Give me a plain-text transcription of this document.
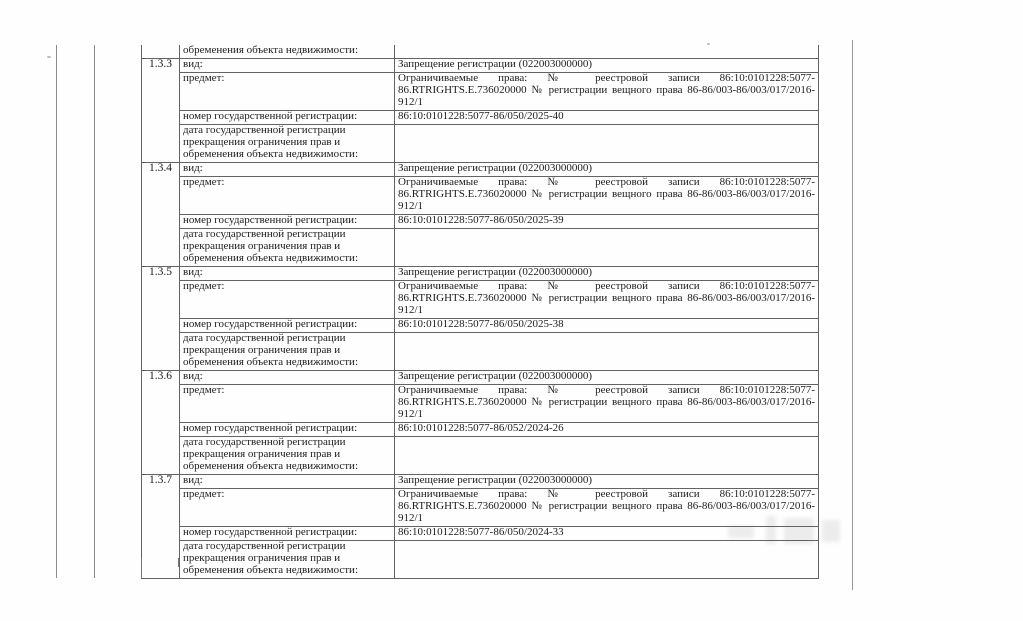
	обременения объекта недвижимости:	
1.3.3	вид:	Запрещение регистрации (022003000000)
	предмет:	Ограничиваемые права: № реестровой записи 86:10:0101228:5077-86.RTRIGHTS.E.736020000 № регистрации вещного права 86-86/003-86/003/017/2016-912/1
	номер государственной регистрации:	86:10:0101228:5077-86/050/2025-40
	дата государственной регистрации прекращения ограничения прав и обременения объекта недвижимости:	
1.3.4	вид:	Запрещение регистрации (022003000000)
	предмет:	Ограничиваемые права: № реестровой записи 86:10:0101228:5077-86.RTRIGHTS.E.736020000 № регистрации вещного права 86-86/003-86/003/017/2016-912/1
	номер государственной регистрации:	86:10:0101228:5077-86/050/2025-39
	дата государственной регистрации прекращения ограничения прав и обременения объекта недвижимости:	
1.3.5	вид:	Запрещение регистрации (022003000000)
	предмет:	Ограничиваемые права: № реестровой записи 86:10:0101228:5077-86.RTRIGHTS.E.736020000 № регистрации вещного права 86-86/003-86/003/017/2016-912/1
	номер государственной регистрации:	86:10:0101228:5077-86/050/2025-38
	дата государственной регистрации прекращения ограничения прав и обременения объекта недвижимости:	
1.3.6	вид:	Запрещение регистрации (022003000000)
	предмет:	Ограничиваемые права: № реестровой записи 86:10:0101228:5077-86.RTRIGHTS.E.736020000 № регистрации вещного права 86-86/003-86/003/017/2016-912/1
	номер государственной регистрации:	86:10:0101228:5077-86/052/2024-26
	дата государственной регистрации прекращения ограничения прав и обременения объекта недвижимости:	
1.3.7	вид:	Запрещение регистрации (022003000000)
	предмет:	Ограничиваемые права: № реестровой записи 86:10:0101228:5077-86.RTRIGHTS.E.736020000 № регистрации вещного права 86-86/003-86/003/017/2016-912/1
	номер государственной регистрации:	86:10:0101228:5077-86/050/2024-33
	дата государственной регистрации прекращения ограничения прав и обременения объекта недвижимости:	
